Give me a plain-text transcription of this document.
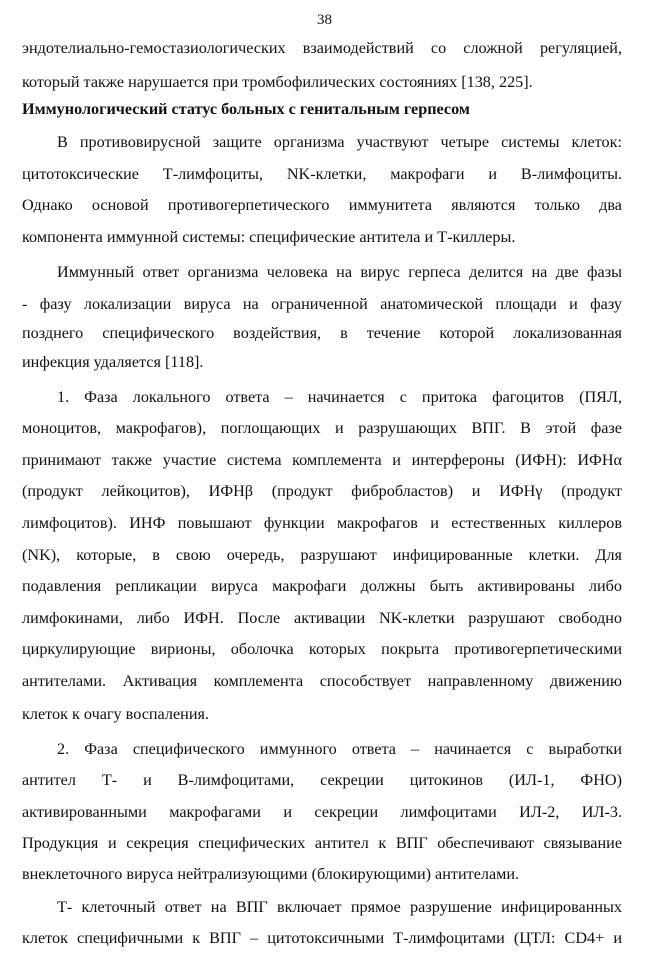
38
эндотелиально-гемостазиологических взаимодействий со сложной регуляцией,
который также нарушается при тромбофилических состояниях [138, 225].
Иммунологический статус больных с генитальным герпесом
В противовирусной защите организма участвуют четыре системы клеток:
цитотоксические Т-лимфоциты, NK-клетки, макрофаги и В-лимфоциты.
Однако основой противогерпетического иммунитета являются только два
компонента иммунной системы: специфические антитела и Т-киллеры.
Иммунный ответ организма человека на вирус герпеса делится на две фазы
- фазу локализации вируса на ограниченной анатомической площади и фазу
позднего специфического воздействия, в течение которой локализованная
инфекция удаляется [118].
1. Фаза локального ответа – начинается с притока фагоцитов (ПЯЛ,
моноцитов, макрофагов), поглощающих и разрушающих ВПГ. В этой фазе
принимают также участие система комплемента и интерфероны (ИФН): ИФНα
(продукт лейкоцитов), ИФНβ (продукт фибробластов) и ИФНγ (продукт
лимфоцитов). ИНФ повышают функции макрофагов и естественных киллеров
(NK), которые, в свою очередь, разрушают инфицированные клетки. Для
подавления репликации вируса макрофаги должны быть активированы либо
лимфокинами, либо ИФН. После активации NK-клетки разрушают свободно
циркулирующие вирионы, оболочка которых покрыта противогерпетическими
антителами. Активация комплемента способствует направленному движению
клеток к очагу воспаления.
2. Фаза специфического иммунного ответа – начинается с выработки
антител Т- и В-лимфоцитами, секреции цитокинов (ИЛ-1, ФНО)
активированными макрофагами и секреции лимфоцитами ИЛ-2, ИЛ-3.
Продукция и секреция специфических антител к ВПГ обеспечивают связывание
внеклеточного вируса нейтрализующими (блокирующими) антителами.
Т- клеточный ответ на ВПГ включает прямое разрушение инфицированных
клеток специфичными к ВПГ – цитотоксичными Т-лимфоцитами (ЦТЛ: CD4+ и
